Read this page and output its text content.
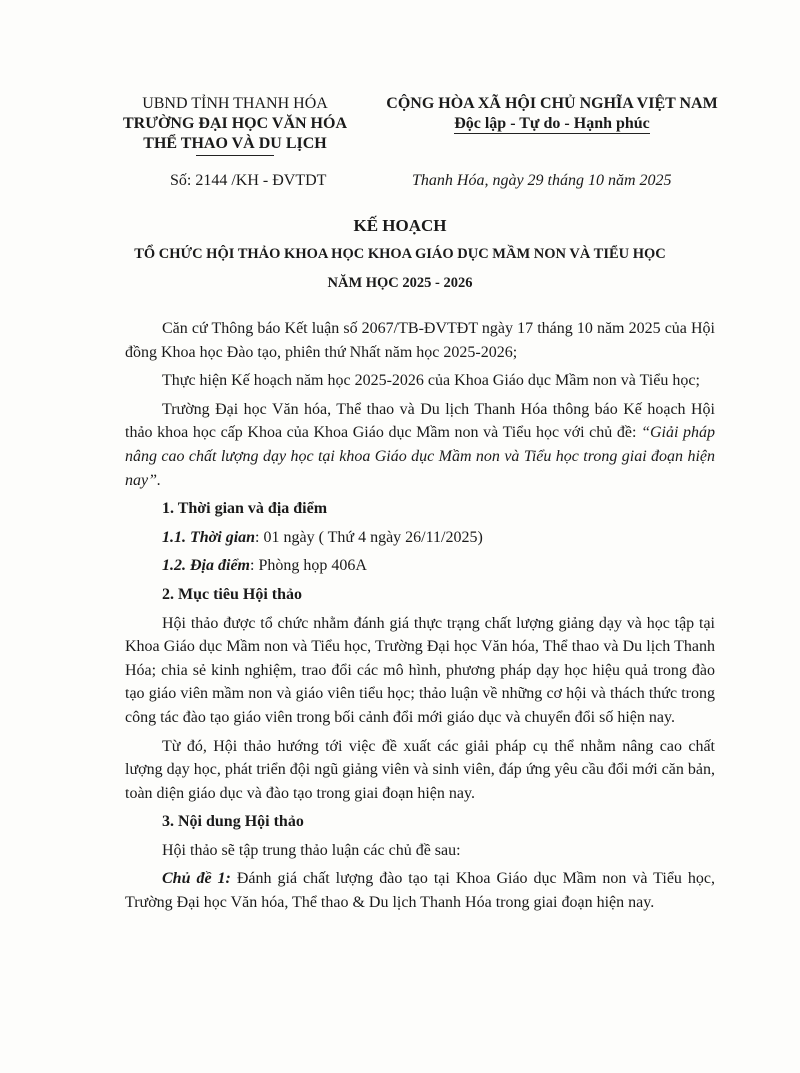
UBND TỈNH THANH HÓA
TRƯỜNG ĐẠI HỌC VĂN HÓA
THỂ THAO VÀ DU LỊCH
CỘNG HÒA XÃ HỘI CHỦ NGHĨA VIỆT NAM
Độc lập - Tự do - Hạnh phúc
Số: 2144 /KH - ĐVTDT	Thanh Hóa, ngày 29 tháng 10 năm 2025
KẾ HOẠCH
TỔ CHỨC HỘI THẢO KHOA HỌC KHOA GIÁO DỤC MẦM NON VÀ TIỂU HỌC
NĂM HỌC 2025 - 2026

Căn cứ Thông báo Kết luận số 2067/TB-ĐVTĐT ngày 17 tháng 10 năm 2025 của Hội đồng Khoa học Đào tạo, phiên thứ Nhất năm học 2025-2026;

Thực hiện Kế hoạch năm học 2025-2026 của Khoa Giáo dục Mầm non và Tiểu học;

Trường Đại học Văn hóa, Thể thao và Du lịch Thanh Hóa thông báo Kế hoạch Hội thảo khoa học cấp Khoa của Khoa Giáo dục Mầm non và Tiểu học với chủ đề: “Giải pháp nâng cao chất lượng dạy học tại khoa Giáo dục Mầm non và Tiểu học trong giai đoạn hiện nay”.

1. Thời gian và địa điểm

1.1. Thời gian: 01 ngày ( Thứ 4 ngày 26/11/2025)

1.2. Địa điểm: Phòng họp 406A

2. Mục tiêu Hội thảo

Hội thảo được tổ chức nhằm đánh giá thực trạng chất lượng giảng dạy và học tập tại Khoa Giáo dục Mầm non và Tiểu học, Trường Đại học Văn hóa, Thể thao và Du lịch Thanh Hóa; chia sẻ kinh nghiệm, trao đổi các mô hình, phương pháp dạy học hiệu quả trong đào tạo giáo viên mầm non và giáo viên tiểu học; thảo luận về những cơ hội và thách thức trong công tác đào tạo giáo viên trong bối cảnh đổi mới giáo dục và chuyển đổi số hiện nay.

Từ đó, Hội thảo hướng tới việc đề xuất các giải pháp cụ thể nhằm nâng cao chất lượng dạy học, phát triển đội ngũ giảng viên và sinh viên, đáp ứng yêu cầu đổi mới căn bản, toàn diện giáo dục và đào tạo trong giai đoạn hiện nay.

3. Nội dung Hội thảo

Hội thảo sẽ tập trung thảo luận các chủ đề sau:

Chủ đề 1: Đánh giá chất lượng đào tạo tại Khoa Giáo dục Mầm non và Tiểu học, Trường Đại học Văn hóa, Thể thao & Du lịch Thanh Hóa trong giai đoạn hiện nay.
